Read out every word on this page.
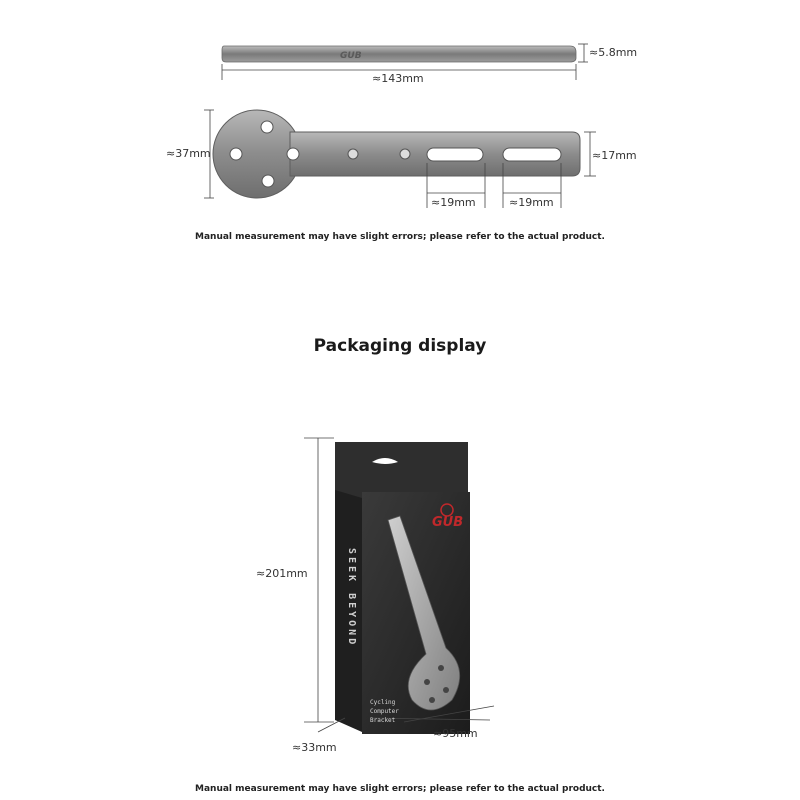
GUB	≈5.8mm
≈143mm
≈37mm	≈17mm
≈19mm	≈19mm
Manual measurement may have slight errors; please refer to the actual product.
Packaging display
GUB
SEEK BEYOND
Cycling
Computer
Bracket
≈201mm
≈33mm
≈95mm
Manual measurement may have slight errors; please refer to the actual product.
